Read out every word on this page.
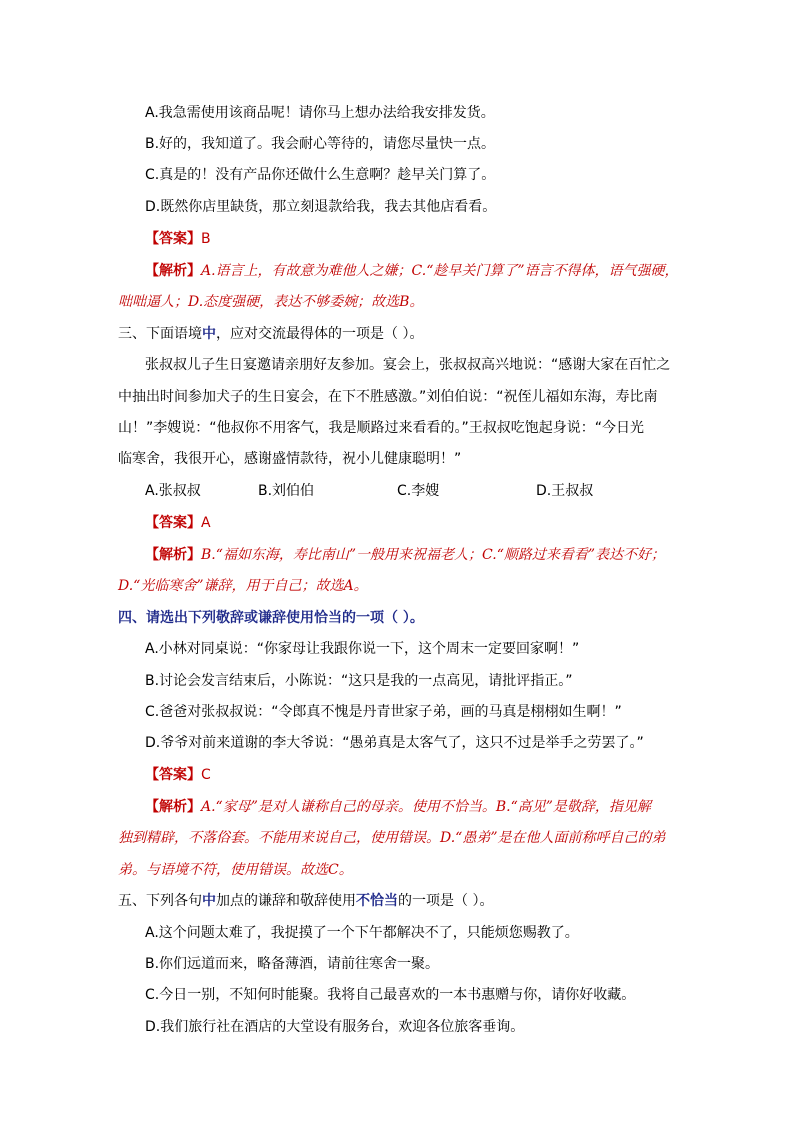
A.我急需使用该商品呢！请你马上想办法给我安排发货。
B.好的，我知道了。我会耐心等待的，请您尽量快一点。
C.真是的！没有产品你还做什么生意啊？趁早关门算了。
D.既然你店里缺货，那立刻退款给我，我去其他店看看。
【答案】B
【解析】A.语言上，有故意为难他人之嫌；C.“趁早关门算了”语言不得体，语气强硬，
咄咄逼人；D.态度强硬，表达不够委婉；故选B。
三、下面语境中，应对交流最得体的一项是（ ）。
张叔叔儿子生日宴邀请亲朋好友参加。宴会上，张叔叔高兴地说：“感谢大家在百忙之
中抽出时间参加犬子的生日宴会，在下不胜感激。”刘伯伯说：“祝侄儿福如东海，寿比南
山！”李嫂说：“他叔你不用客气，我是顺路过来看看的。”王叔叔吃饱起身说：“今日光
临寒舍，我很开心，感谢盛情款待，祝小儿健康聪明！”
A.张叔叔	B.刘伯伯	C.李嫂	D.王叔叔
【答案】A
【解析】B.“福如东海，寿比南山”一般用来祝福老人；C.“顺路过来看看”表达不好；
D.“光临寒舍”谦辞，用于自己；故选A。
四、请选出下列敬辞或谦辞使用恰当的一项（ ）。
A.小林对同桌说：“你家母让我跟你说一下，这个周末一定要回家啊！”
B.讨论会发言结束后，小陈说：“这只是我的一点高见，请批评指正。”
C.爸爸对张叔叔说：“令郎真不愧是丹青世家子弟，画的马真是栩栩如生啊！”
D.爷爷对前来道谢的李大爷说：“愚弟真是太客气了，这只不过是举手之劳罢了。”
【答案】C
【解析】A.“家母”是对人谦称自己的母亲。使用不恰当。B.“高见”是敬辞，指见解
独到精辟，不落俗套。不能用来说自己，使用错误。D.“愚弟”是在他人面前称呼自己的弟
弟。与语境不符，使用错误。故选C。
五、下列各句中加点的谦辞和敬辞使用不恰当的一项是（ ）。
A.这个问题太难了，我捉摸了一个下午都解决不了，只能烦您赐教了。
B.你们远道而来，略备薄酒，请前往寒舍一聚。
C.今日一别，不知何时能聚。我将自己最喜欢的一本书惠赠与你，请你好收藏。
D.我们旅行社在酒店的大堂设有服务台，欢迎各位旅客垂询。
